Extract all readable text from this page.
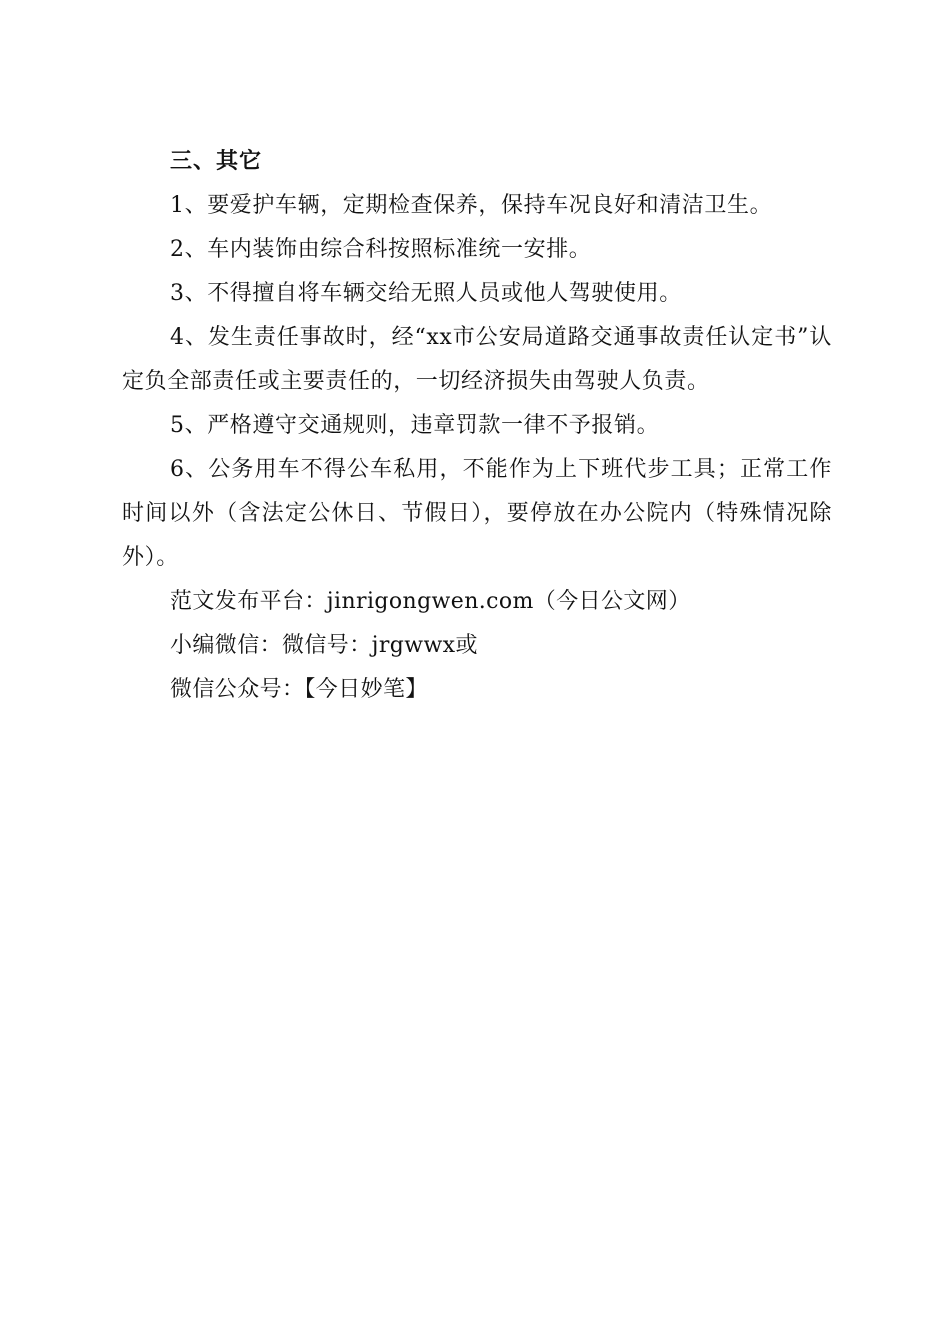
三、其它

1、要爱护车辆，定期检查保养，保持车况良好和清洁卫生。

2、车内装饰由综合科按照标准统一安排。

3、不得擅自将车辆交给无照人员或他人驾驶使用。

4、发生责任事故时，经“xx市公安局道路交通事故责任认定书”认定负全部责任或主要责任的，一切经济损失由驾驶人负责。

5、严格遵守交通规则，违章罚款一律不予报销。

6、公务用车不得公车私用，不能作为上下班代步工具；正常工作时间以外（含法定公休日、节假日），要停放在办公院内（特殊情况除外）。

范文发布平台：jinrigongwen.com（今日公文网）

小编微信：微信号：jrgwwx或

微信公众号：【今日妙笔】
